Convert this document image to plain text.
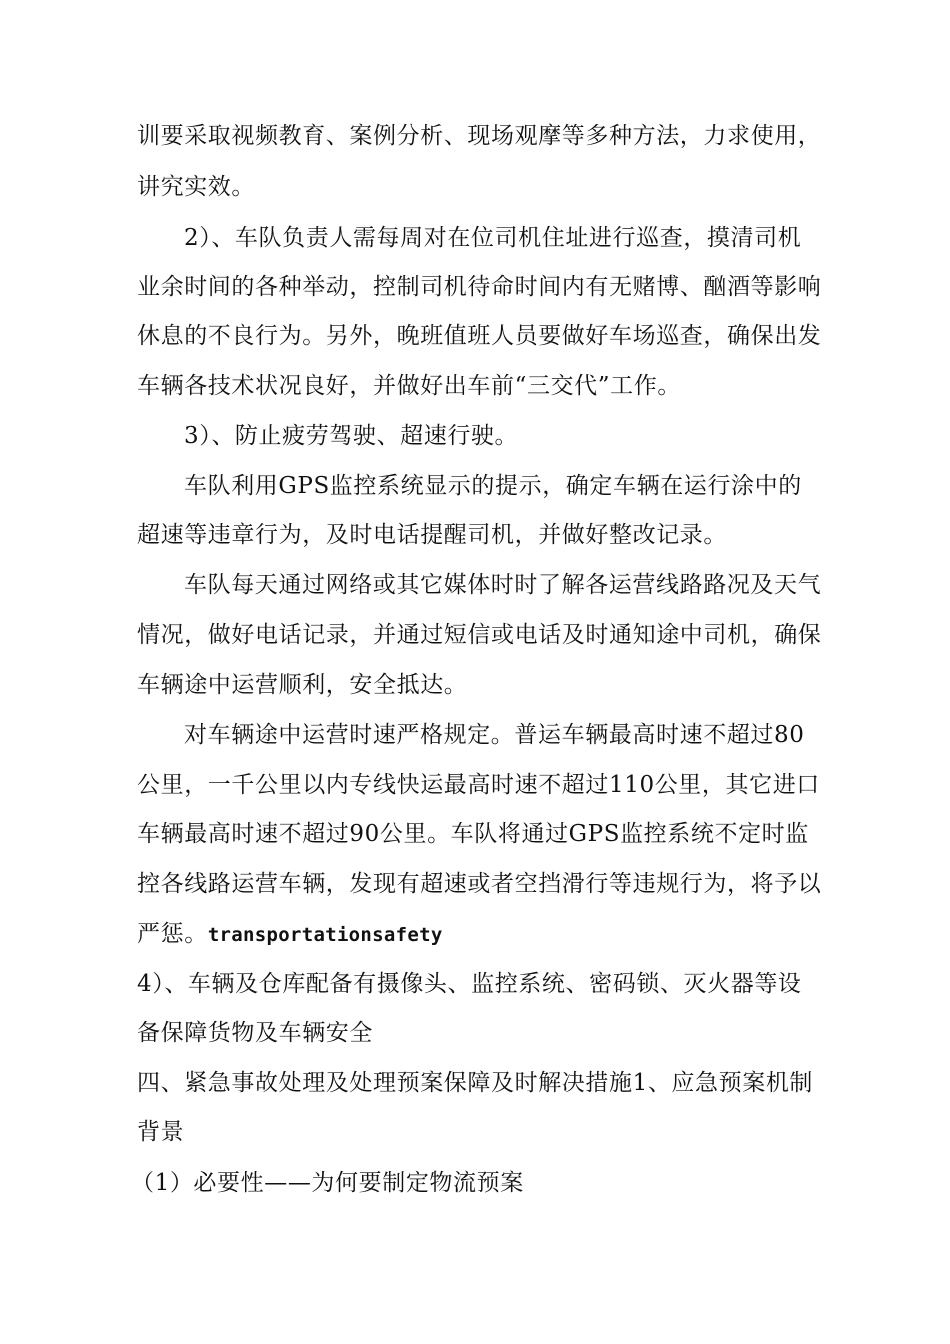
训要采取视频教育、案例分析、现场观摩等多种方法，力求使用，

讲究实效。

2）、车队负责人需每周对在位司机住址进行巡查，摸清司机

业余时间的各种举动，控制司机待命时间内有无赌博、酗酒等影响

休息的不良行为。另外，晚班值班人员要做好车场巡查，确保出发

车辆各技术状况良好，并做好出车前“三交代”工作。

3）、防止疲劳驾驶、超速行驶。

车队利用GPS监控系统显示的提示，确定车辆在运行涂中的

超速等违章行为，及时电话提醒司机，并做好整改记录。

车队每天通过网络或其它媒体时时了解各运营线路路况及天气

情况，做好电话记录，并通过短信或电话及时通知途中司机，确保

车辆途中运营顺利，安全抵达。

对车辆途中运营时速严格规定。普运车辆最高时速不超过80

公里，一千公里以内专线快运最高时速不超过110公里，其它进口

车辆最高时速不超过90公里。车队将通过GPS监控系统不定时监

控各线路运营车辆，发现有超速或者空挡滑行等违规行为，将予以

严惩。transportationsafety

4）、车辆及仓库配备有摄像头、监控系统、密码锁、灭火器等设

备保障货物及车辆安全

四、紧急事故处理及处理预案保障及时解决措施1、应急预案机制

背景

（1）必要性——为何要制定物流预案
